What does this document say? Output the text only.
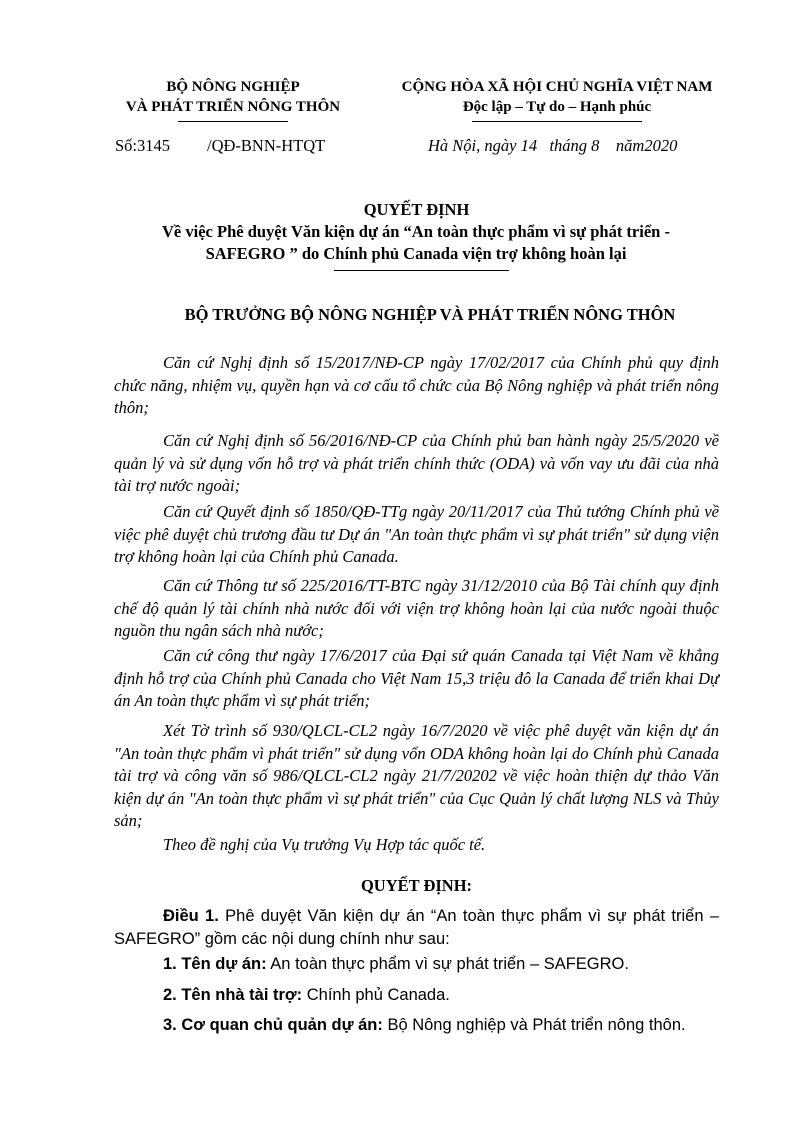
BỘ NÔNG NGHIỆP
VÀ PHÁT TRIỂN NÔNG THÔN
CỘNG HÒA XÃ HỘI CHỦ NGHĨA VIỆT NAM
Độc lập – Tự do – Hạnh phúc
Số:3145 /QĐ-BNN-HTQT	Hà Nội, ngày 14   tháng 8    năm2020
QUYẾT ĐỊNH
Về việc Phê duyệt Văn kiện dự án “An toàn thực phẩm vì sự phát triển -
SAFEGRO ” do Chính phủ Canada viện trợ không hoàn lại
BỘ TRƯỞNG BỘ NÔNG NGHIỆP VÀ PHÁT TRIỂN NÔNG THÔN
Căn cứ Nghị định số 15/2017/NĐ-CP ngày 17/02/2017 của Chính phủ quy định chức năng, nhiệm vụ, quyền hạn và cơ cấu tổ chức của Bộ Nông nghiệp và phát triển nông thôn;
Căn cứ Nghị định số 56/2016/NĐ-CP của Chính phủ ban hành ngày 25/5/2020 về quản lý và sử dụng vốn hỗ trợ và phát triển chính thức (ODA) và vốn vay ưu đãi của nhà tài trợ nước ngoài;
Căn cứ Quyết định số 1850/QĐ-TTg ngày 20/11/2017 của Thủ tướng Chính phủ về việc phê duyệt chủ trương đầu tư Dự án "An toàn thực phẩm vì sự phát triển" sử dụng viện trợ không hoàn lại của Chính phủ Canada.
Căn cứ Thông tư số 225/2016/TT-BTC ngày 31/12/2010 của Bộ Tài chính quy định chế độ quản lý tài chính nhà nước đối với viện trợ không hoàn lại của nước ngoài thuộc nguồn thu ngân sách nhà nước;
Căn cứ công thư ngày 17/6/2017 của Đại sứ quán Canada tại Việt Nam về khẳng định hỗ trợ của Chính phủ Canada cho Việt Nam 15,3 triệu đô la Canada để triển khai Dự án An toàn thực phẩm vì sự phát triển;
Xét Tờ trình số 930/QLCL-CL2 ngày 16/7/2020 về việc phê duyệt văn kiện dự án "An toàn thực phẩm vì phát triển" sử dụng vốn ODA không hoàn lại do Chính phủ Canada tài trợ và công văn số 986/QLCL-CL2 ngày 21/7/20202 về việc hoàn thiện dự thảo Văn kiện dự án "An toàn thực phẩm vì sự phát triển" của Cục Quản lý chất lượng NLS và Thủy sản;
Theo đề nghị của Vụ trưởng Vụ Hợp tác quốc tế.
QUYẾT ĐỊNH:
Điều 1. Phê duyệt Văn kiện dự án “An toàn thực phẩm vì sự phát triển – SAFEGRO” gồm các nội dung chính như sau:
1. Tên dự án: An toàn thực phẩm vì sự phát triển – SAFEGRO.
2. Tên nhà tài trợ: Chính phủ Canada.
3. Cơ quan chủ quản dự án: Bộ Nông nghiệp và Phát triển nông thôn.
